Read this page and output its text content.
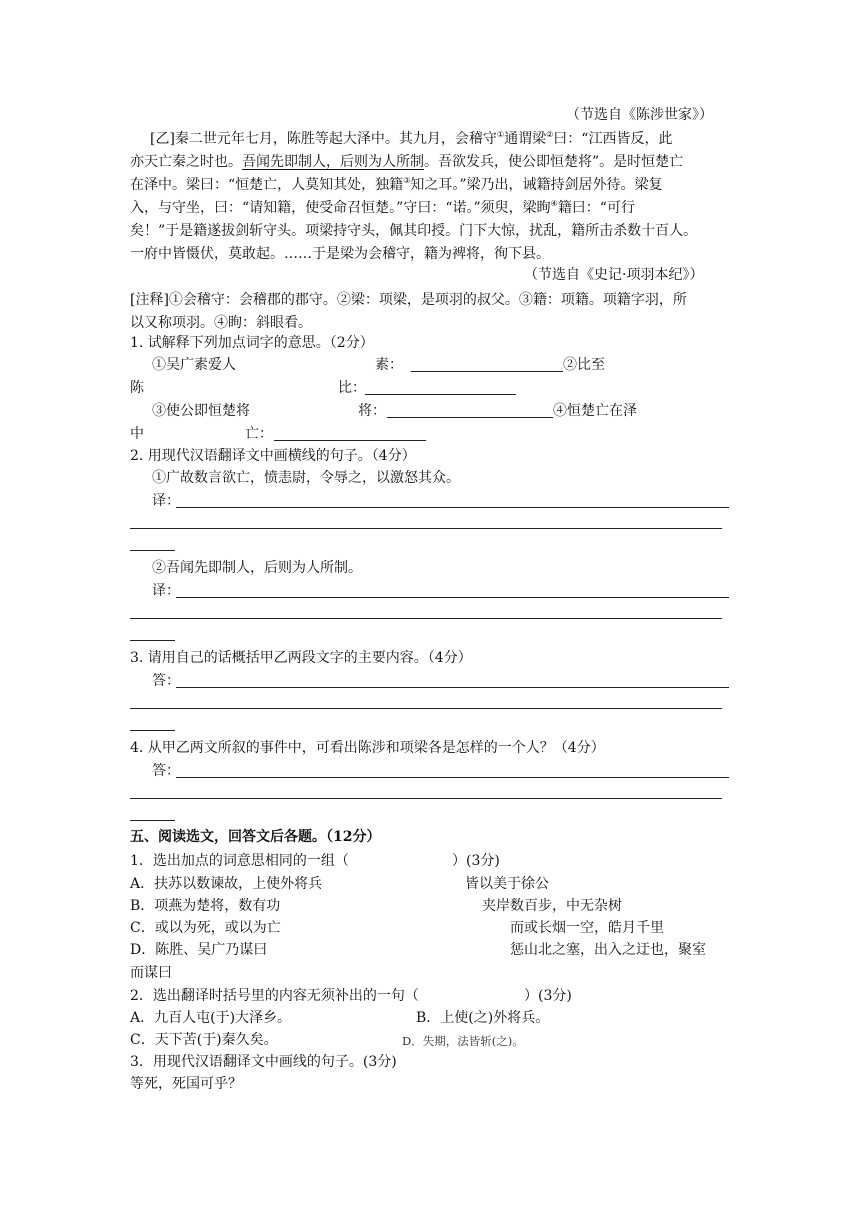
（节选自《陈涉世家》）
[乙]秦二世元年七月，陈胜等起大泽中。其九月，会稽守①通谓梁②曰：“江西皆反，此
亦天亡秦之时也。吾闻先即制人，后则为人所制。吾欲发兵，使公即恒楚将”。是时恒楚亡
在泽中。梁曰：“恒楚亡，人莫知其处，独籍③知之耳。”梁乃出，诫籍持剑居外待。梁复
入，与守坐，曰：“请知籍，使受命召恒楚。”守曰：“诺。”须臾，梁眴④籍曰：“可行
矣！”于是籍遂拔剑斩守头。项梁持守头，佩其印授。门下大惊，扰乱，籍所击杀数十百人。
一府中皆慑伏，莫敢起。……于是梁为会稽守，籍为裨将，徇下县。
（节选自《史记·项羽本纪》）
[注释]①会稽守：会稽郡的郡守。②梁：项梁，是项羽的叔父。③籍：项籍。项籍字羽，所
以又称项羽。④眴：斜眼看。
1. 试解释下列加点词字的意思。（2分）
①吴广素爱人	素：	②比至
陈	比：
③使公即恒楚将	将：	④恒楚亡在泽
中	亡：
2. 用现代汉语翻译文中画横线的句子。（4分）
①广故数言欲亡，愤恚尉，令辱之，以激怒其众。
译：
②吾闻先即制人，后则为人所制。
译：
3. 请用自己的话概括甲乙两段文字的主要内容。（4分）
答：
4. 从甲乙两文所叙的事件中，可看出陈涉和项梁各是怎样的一个人？（4分）
答：
五、阅读选文，回答文后各题。（12分）
1．选出加点的词意思相同的一组（	）(3分)
A．扶苏以数谏故，上使外将兵	皆以美于徐公
B．项燕为楚将，数有功	夹岸数百步，中无杂树
C．或以为死，或以为亡	而或长烟一空，皓月千里
D．陈胜、吴广乃谋曰	惩山北之塞，出入之迂也，聚室
而谋曰
2．选出翻译时括号里的内容无须补出的一句（	）(3分)
A．九百人屯(于)大泽乡。	B．上使(之)外将兵。
C．天下苦(于)秦久矣。	D．失期，法皆斩(之)。
3．用现代汉语翻译文中画线的句子。(3分)
等死，死国可乎？
